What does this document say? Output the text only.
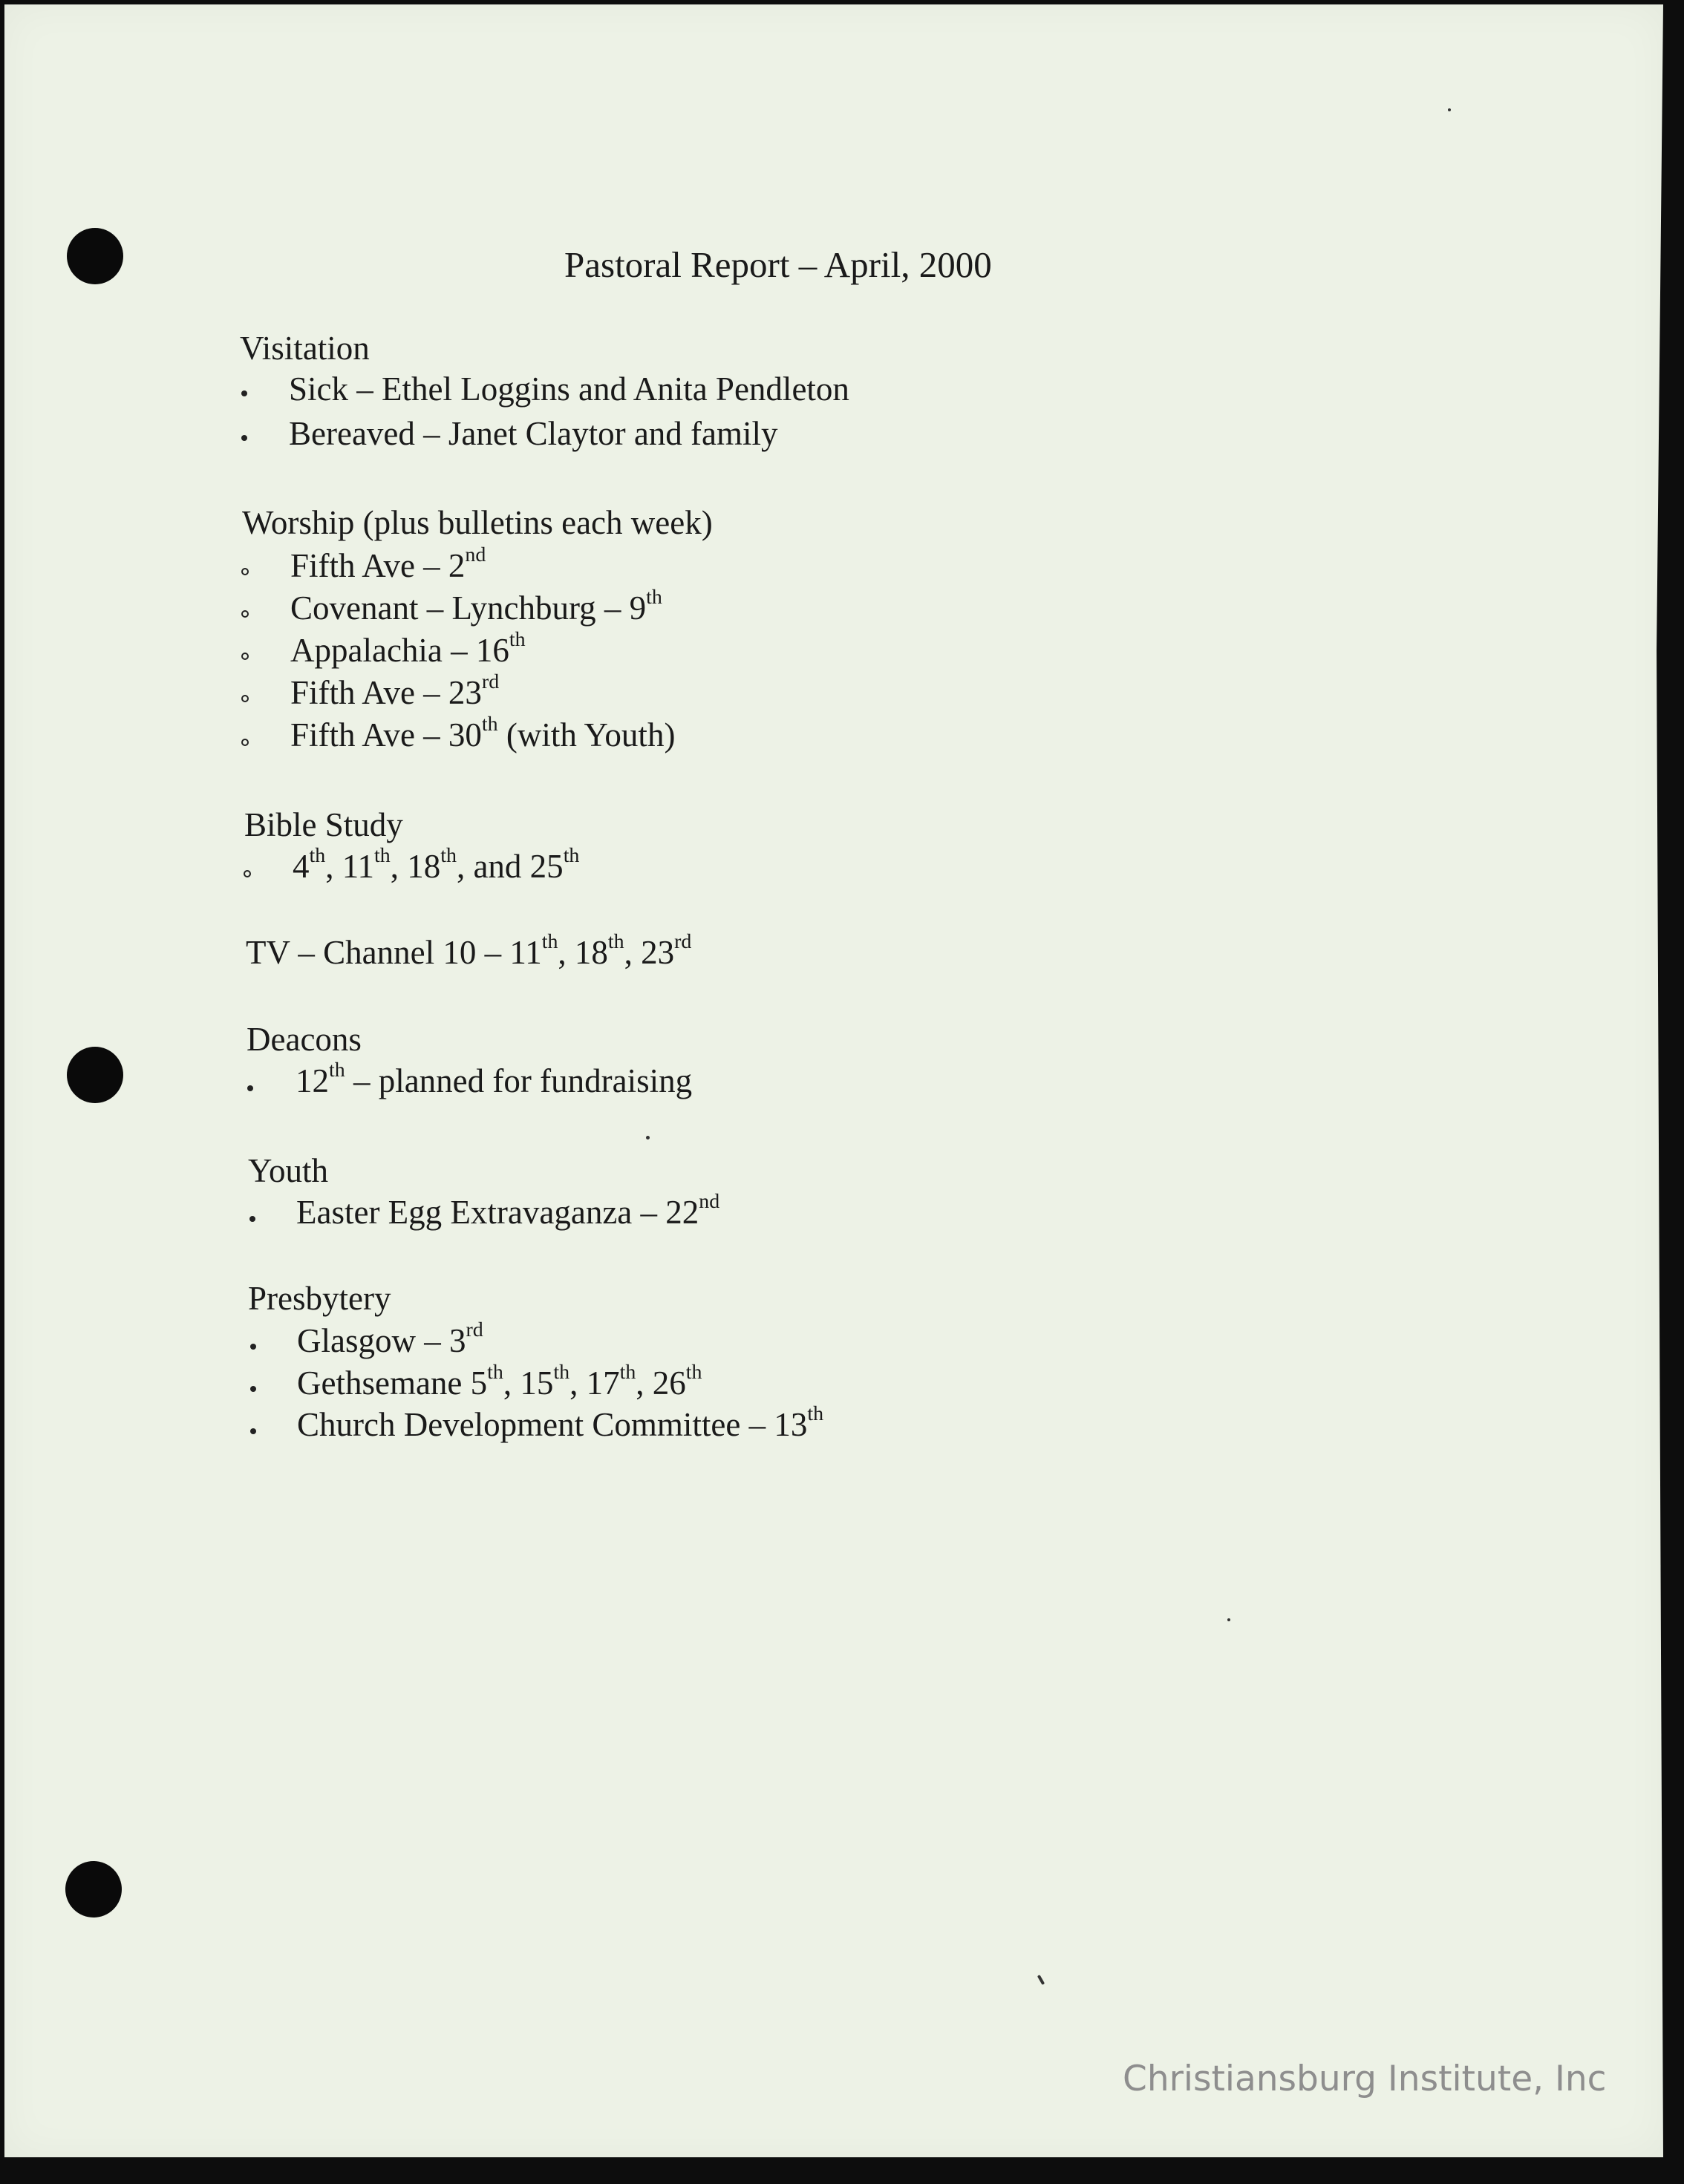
Pastoral Report – April, 2000
Visitation
Sick – Ethel Loggins and Anita Pendleton
Bereaved – Janet Claytor and family
Worship (plus bulletins each week)
Fifth Ave – 2nd
Covenant – Lynchburg – 9th
Appalachia – 16th
Fifth Ave – 23rd
Fifth Ave – 30th (with Youth)
Bible Study
4th, 11th, 18th, and 25th
TV – Channel 10 – 11th, 18th, 23rd
Deacons
12th – planned for fundraising
Youth
Easter Egg Extravaganza – 22nd
Presbytery
Glasgow – 3rd
Gethsemane 5th, 15th, 17th, 26th
Church Development Committee – 13th
Christiansburg Institute, Inc
